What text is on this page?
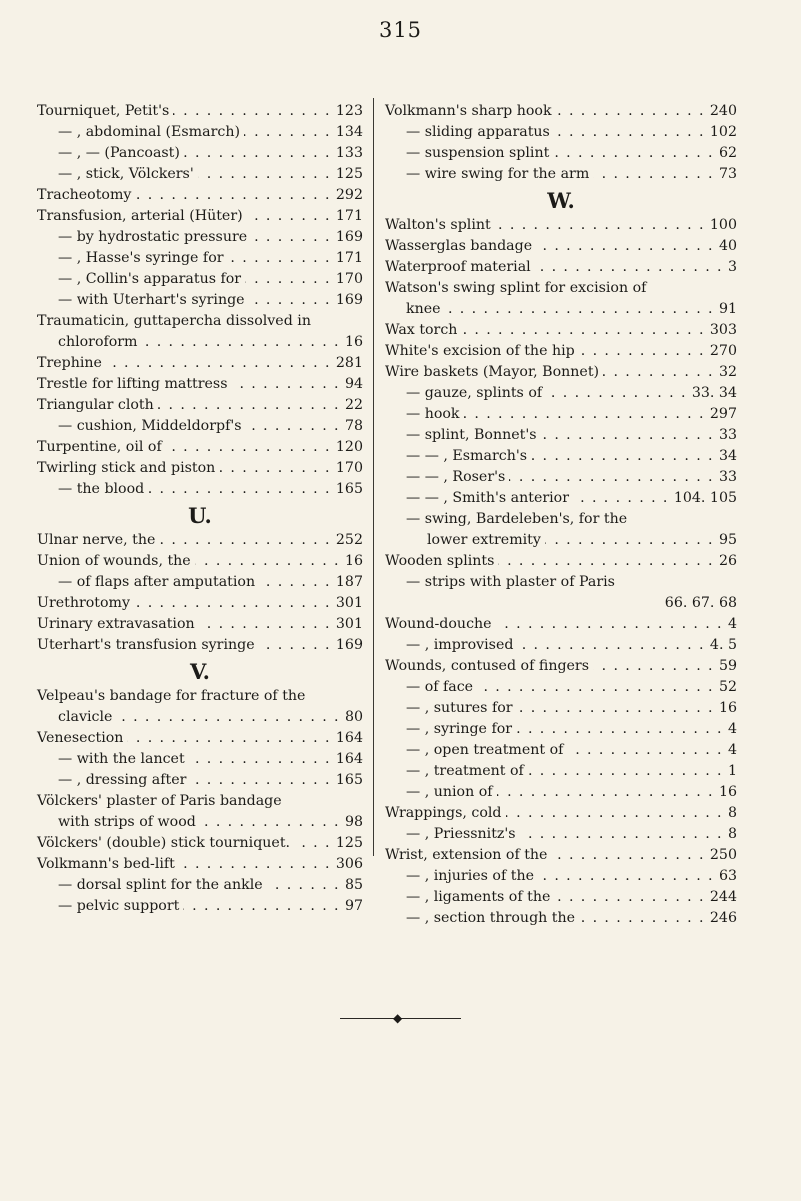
315
Tourniquet, Petit's . . .	123
— , abdominal (Esmarch) . . .	134
— , — (Pancoast) . . .	133
— , stick, Völckers' . . .	125
Tracheotomy . . .	292
Transfusion, arterial (Hüter) . . .	171
— by hydrostatic pressure . . .	169
— , Hasse's syringe for . . .	171
— , Collin's apparatus for . . .	170
— with Uterhart's syringe . . .	169
Traumaticin, guttapercha dissolved in
chloroform . . .	16
Trephine . . .	281
Trestle for lifting mattress . . .	94
Triangular cloth . . .	22
— cushion, Middeldorpf's . . .	78
Turpentine, oil of . . .	120
Twirling stick and piston . . .	170
— the blood . . .	165
U.
Ulnar nerve, the . . .	252
Union of wounds, the . . .	16
— of flaps after amputation . . .	187
Urethrotomy . . .	301
Urinary extravasation . . .	301
Uterhart's transfusion syringe . . .	169
V.
Velpeau's bandage for fracture of the
clavicle . . .	80
Venesection . . .	164
— with the lancet . . .	164
— , dressing after . . .	165
Völckers' plaster of Paris bandage
with strips of wood . . .	98
Völckers' (double) stick tourniquet. . . .	125
Volkmann's bed-lift . . .	306
— dorsal splint for the ankle . . .	85
— pelvic support . . .	97
Volkmann's sharp hook . . .	240
— sliding apparatus . . .	102
— suspension splint . . .	62
— wire swing for the arm . . .	73
W.
Walton's splint . . .	100
Wasserglas bandage . . .	40
Waterproof material . . .	3
Watson's swing splint for excision of
knee . . .	91
Wax torch . . .	303
White's excision of the hip . . .	270
Wire baskets (Mayor, Bonnet) . . .	32
— gauze, splints of . . .	33. 34
— hook . . .	297
— splint, Bonnet's . . .	33
— — , Esmarch's . . .	34
— — , Roser's . . .	33
— — , Smith's anterior . . .	104. 105
— swing, Bardeleben's, for the
lower extremity . . .	95
Wooden splints . . .	26
— strips with plaster of Paris
66. 67. 68
Wound-douche . . .	4
— , improvised . . .	4. 5
Wounds, contused of fingers . . .	59
— of face . . .	52
— , sutures for . . .	16
— , syringe for . . .	4
— , open treatment of . . .	4
— , treatment of . . .	1
— , union of . . .	16
Wrappings, cold . . .	8
— , Priessnitz's . . .	8
Wrist, extension of the . . .	250
— , injuries of the . . .	63
— , ligaments of the . . .	244
— , section through the . . .	246
◆
